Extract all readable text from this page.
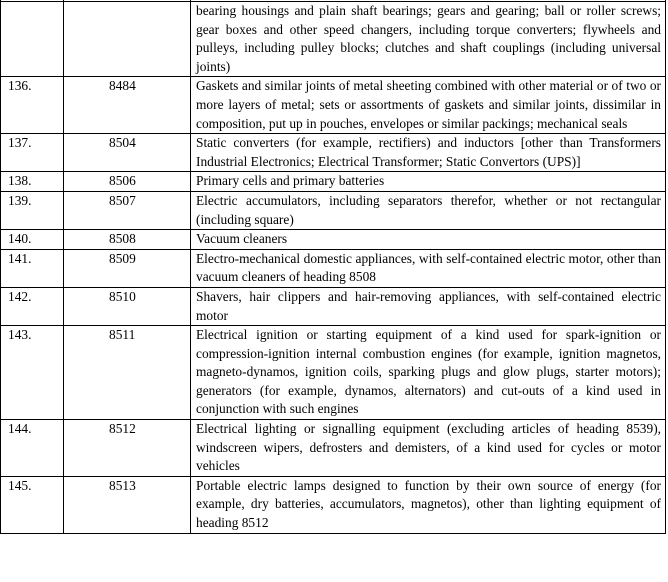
		bearing housings and plain shaft bearings; gears and gearing; ball or roller screws; gear boxes and other speed changers, including torque converters; flywheels and pulleys, including pulley blocks; clutches and shaft couplings (including universal joints)
136.	8484	Gaskets and similar joints of metal sheeting combined with other material or of two or more layers of metal; sets or assortments of gaskets and similar joints, dissimilar in composition, put up in pouches, envelopes or similar packings; mechanical seals
137.	8504	Static converters (for example, rectifiers) and inductors [other than Transformers Industrial Electronics; Electrical Transformer; Static Convertors (UPS)]
138.	8506	Primary cells and primary batteries
139.	8507	Electric accumulators, including separators therefor, whether or not rectangular (including square)
140.	8508	Vacuum cleaners
141.	8509	Electro-mechanical domestic appliances, with self-contained electric motor, other than vacuum cleaners of heading 8508
142.	8510	Shavers, hair clippers and hair-removing appliances, with self-contained electric motor
143.	8511	Electrical ignition or starting equipment of a kind used for spark-ignition or compression-ignition internal combustion engines (for example, ignition magnetos, magneto-dynamos, ignition coils, sparking plugs and glow plugs, starter motors); generators (for example, dynamos, alternators) and cut-outs of a kind used in conjunction with such engines
144.	8512	Electrical lighting or signalling equipment (excluding articles of heading 8539), windscreen wipers, defrosters and demisters, of a kind used for cycles or motor vehicles
145.	8513	Portable electric lamps designed to function by their own source of energy (for example, dry batteries, accumulators, magnetos), other than lighting equipment of heading 8512
